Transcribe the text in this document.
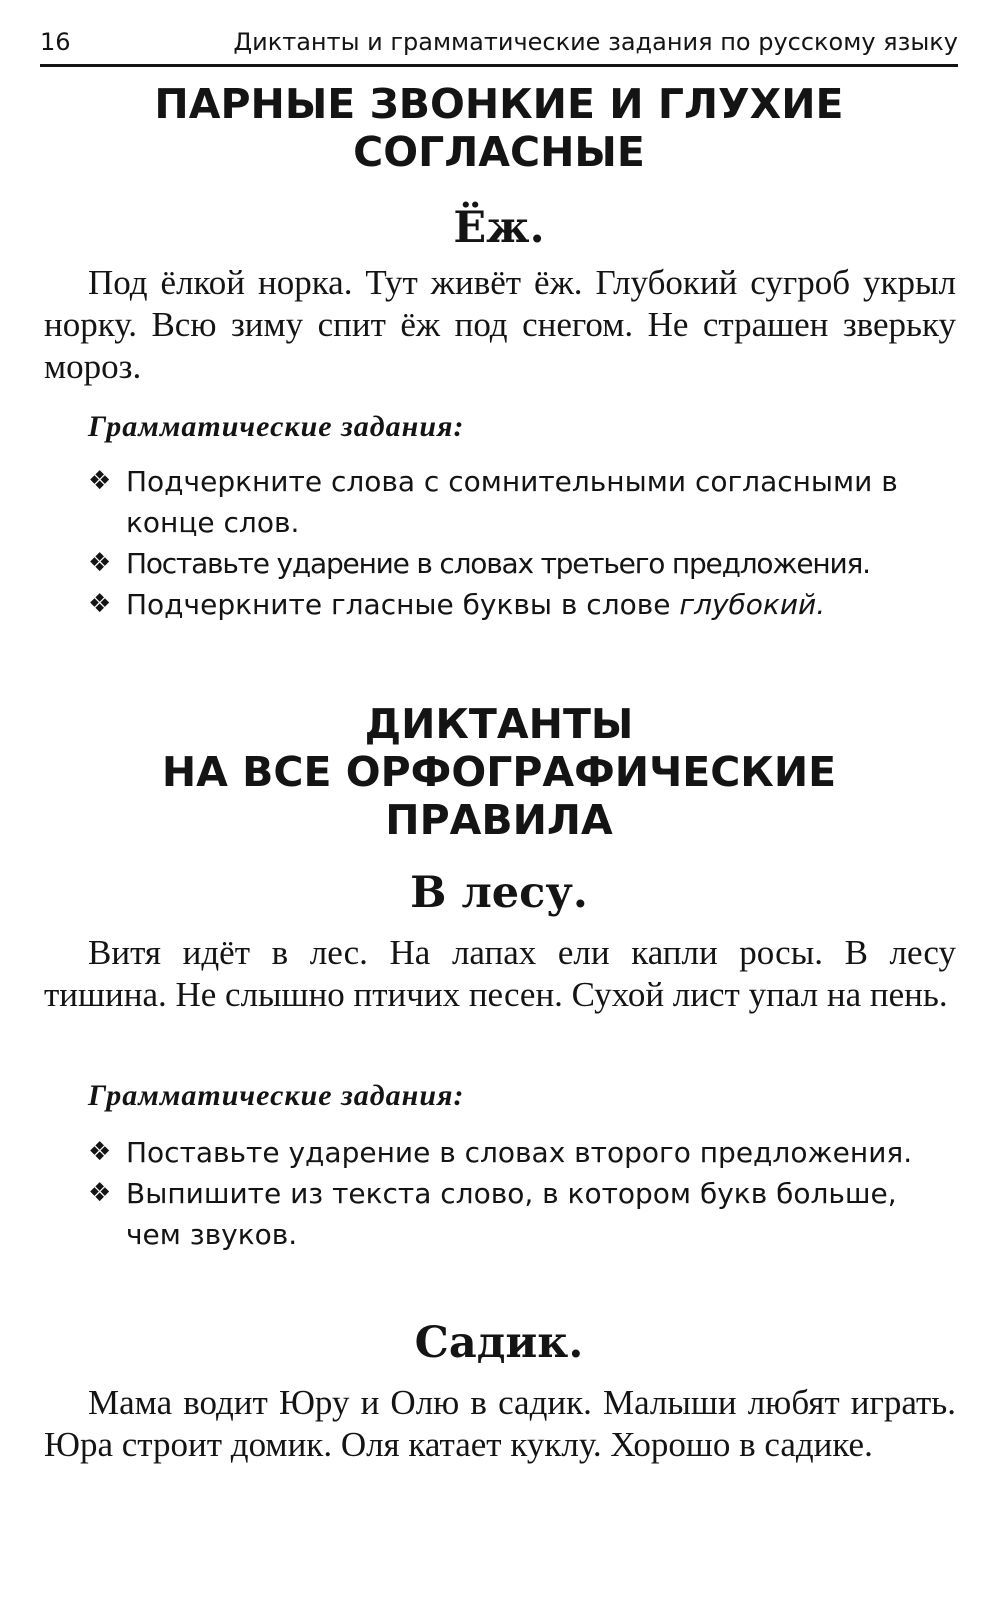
16	Диктанты и грамматические задания по русскому языку
ПАРНЫЕ ЗВОНКИЕ И ГЛУХИЕ
СОГЛАСНЫЕ
Ёж.

Под ёлкой норка. Тут живёт ёж. Глубокий сугроб укрыл норку. Всю зиму спит ёж под снегом. Не страшен зверьку мороз.

Грамматические задания:

❖ Подчеркните слова с сомнительными согласными в конце слов.
❖ Поставьте ударение в словах третьего предложения.
❖ Подчеркните гласные буквы в слове глубокий.
ДИКТАНТЫ
НА ВСЕ ОРФОГРАФИЧЕСКИЕ
ПРАВИЛА
В лесу.

Витя идёт в лес. На лапах ели капли росы. В лесу тишина. Не слышно птичих песен. Сухой лист упал на пень.

Грамматические задания:

❖ Поставьте ударение в словах второго предложения.
❖ Выпишите из текста слово, в котором букв больше, чем звуков.
Садик.

Мама водит Юру и Олю в садик. Малыши любят играть. Юра строит домик. Оля катает куклу. Хорошо в садике.
